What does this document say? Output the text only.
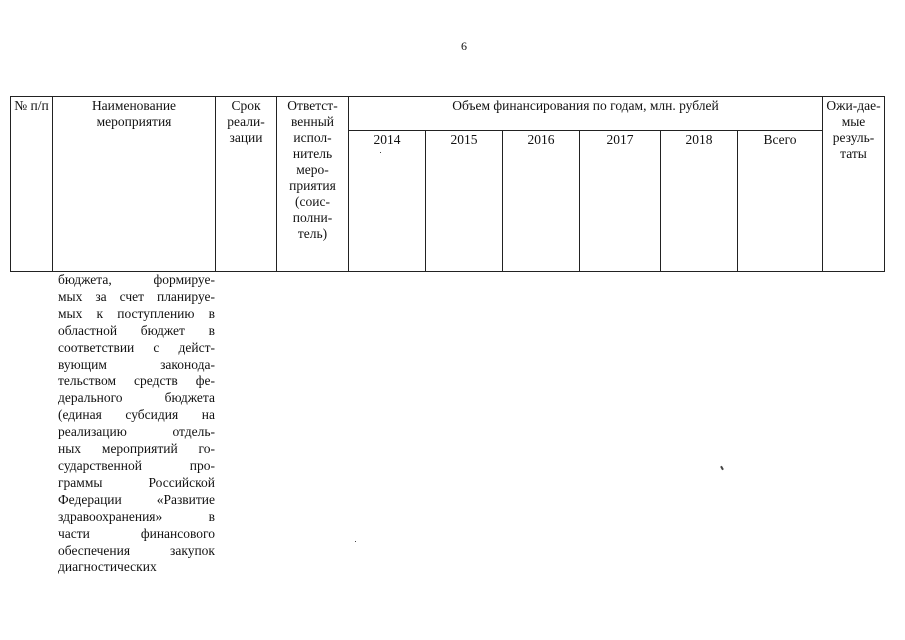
6
№ п/п	Наименование мероприятия	Срок реали-зации	Ответст-венный испол-нитель меро-приятия (соис-полни-тель)	Объем финансирования по годам, млн. рублей						Ожи-дае-мые резуль-таты
				2014	2015	2016	2017	2018	Всего	
бюджета, формируе-
мых за счет планируе-
мых к поступлению в
областной бюджет в
соответствии с дейст-
вующим законода-
тельством средств фе-
дерального бюджета
(единая субсидия на
реализацию отдель-
ных мероприятий го-
сударственной про-
граммы Российской
Федерации «Развитие
здравоохранения» в
части финансового
обеспечения закупок
диагностических
